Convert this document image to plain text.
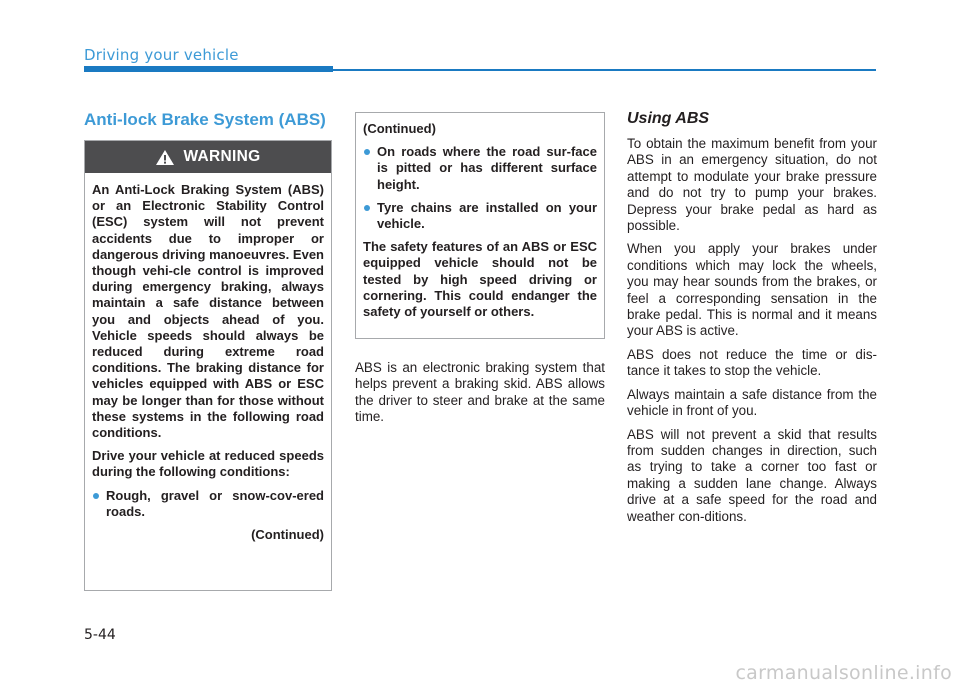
Driving your vehicle
Anti-lock Brake System (ABS)
WARNING

An Anti-Lock Braking System (ABS) or an Electronic Stability Control (ESC) system will not prevent accidents due to improper or dangerous driving manoeuvres. Even though vehi-cle control is improved during emergency braking, always maintain a safe distance between you and objects ahead of you. Vehicle speeds should always be reduced during extreme road conditions. The braking distance for vehicles equipped with ABS or ESC may be longer than for those without these systems in the following road conditions.

Drive your vehicle at reduced speeds during the following conditions:

Rough, gravel or snow-cov-ered roads.

(Continued)

(Continued)

On roads where the road sur-face is pitted or has different surface height.

Tyre chains are installed on your vehicle.

The safety features of an ABS or ESC equipped vehicle should not be tested by high speed driving or cornering. This could endanger the safety of yourself or others.

ABS is an electronic braking system that helps prevent a braking skid. ABS allows the driver to steer and brake at the same time.

Using ABS

To obtain the maximum benefit from your ABS in an emergency situation, do not attempt to modulate your brake pressure and do not try to pump your brakes. Depress your brake pedal as hard as possible.

When you apply your brakes under conditions which may lock the wheels, you may hear sounds from the brakes, or feel a corresponding sensation in the brake pedal. This is normal and it means your ABS is active.

ABS does not reduce the time or dis-tance it takes to stop the vehicle.

Always maintain a safe distance from the vehicle in front of you.

ABS will not prevent a skid that results from sudden changes in direction, such as trying to take a corner too fast or making a sudden lane change. Always drive at a safe speed for the road and weather con-ditions.

5-44
carmanualsonline.info
